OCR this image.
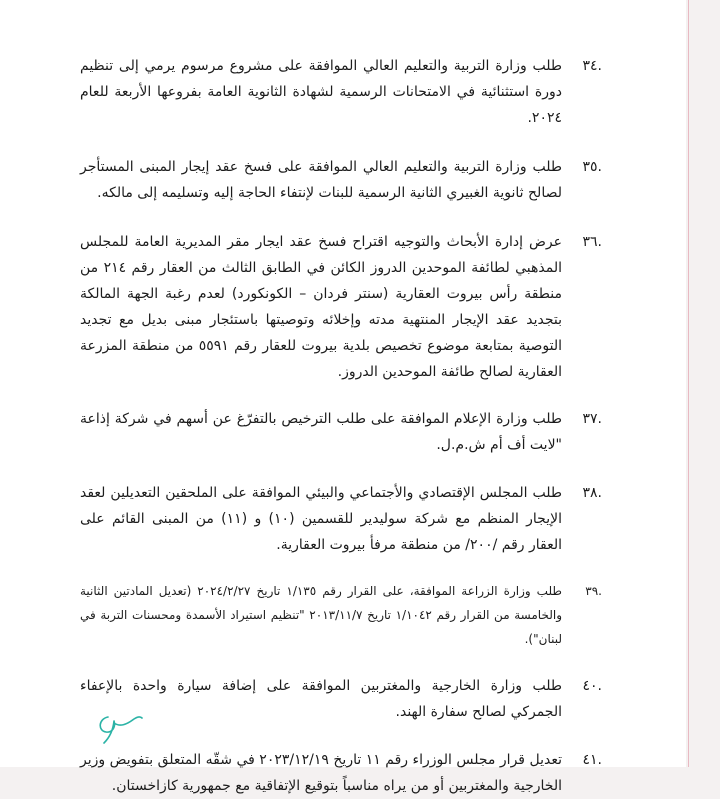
.٣٤
طلب وزارة التربية والتعليم العالي الموافقة على مشروع مرسوم يرمي إلى تنظيم دورة استثنائية في الامتحانات الرسمية لشهادة الثانوية العامة بفروعها الأربعة للعام ٢٠٢٤.
.٣٥
طلب وزارة التربية والتعليم العالي الموافقة على فسخ عقد إيجار المبنى المستأجر لصالح ثانوية الغبيري الثانية الرسمية للبنات لإنتفاء الحاجة إليه وتسليمه إلى مالكه.
.٣٦
عرض إدارة الأبحاث والتوجيه اقتراح فسخ عقد ايجار مقر المديرية العامة للمجلس المذهبي لطائفة الموحدين الدروز الكائن في الطابق الثالث من العقار رقم ٢١٤ من منطقة رأس بيروت العقارية (سنتر فردان – الكونكورد) لعدم رغبة الجهة المالكة بتجديد عقد الإيجار المنتهية مدته وإخلائه وتوصيتها باستئجار مبنى بديل مع تجديد التوصية بمتابعة موضوع تخصيص بلدية بيروت للعقار رقم ٥٥٩١ من منطقة المزرعة العقارية لصالح طائفة الموحدين الدروز.
.٣٧
طلب وزارة الإعلام الموافقة على طلب الترخيص بالتفرّغ عن أسهم في شركة إذاعة "لايت أف أم ش.م.ل.
.٣٨
طلب المجلس الإقتصادي والأجتماعي والبيئي الموافقة على الملحقين التعديلين لعقد الإيجار المنظم مع شركة سوليدير للقسمين (١٠) و (١١) من المبنى القائم على العقار رقم /٢٠٠/ من منطقة مرفأ بيروت العقارية.
.٣٩
طلب وزارة الزراعة الموافقة، على القرار رقم ١/١٣٥ تاريخ ٢٠٢٤/٢/٢٧ (تعديل المادتين الثانية والخامسة من القرار رقم ١/١٠٤٢ تاريخ ٢٠١٣/١١/٧ "تنظيم استيراد الأسمدة ومحسنات التربة في لبنان").
.٤٠
طلب وزارة الخارجية والمغتربين الموافقة على إضافة سيارة واحدة بالإعفاء الجمركي لصالح سفارة الهند.
.٤١
تعديل قرار مجلس الوزراء رقم ١١ تاريخ ٢٠٢٣/١٢/١٩ في شقّه المتعلق بتفويض وزير الخارجية والمغتربين أو من يراه مناسباً بتوقيع الإتفاقية مع جمهورية كازاخستان.
